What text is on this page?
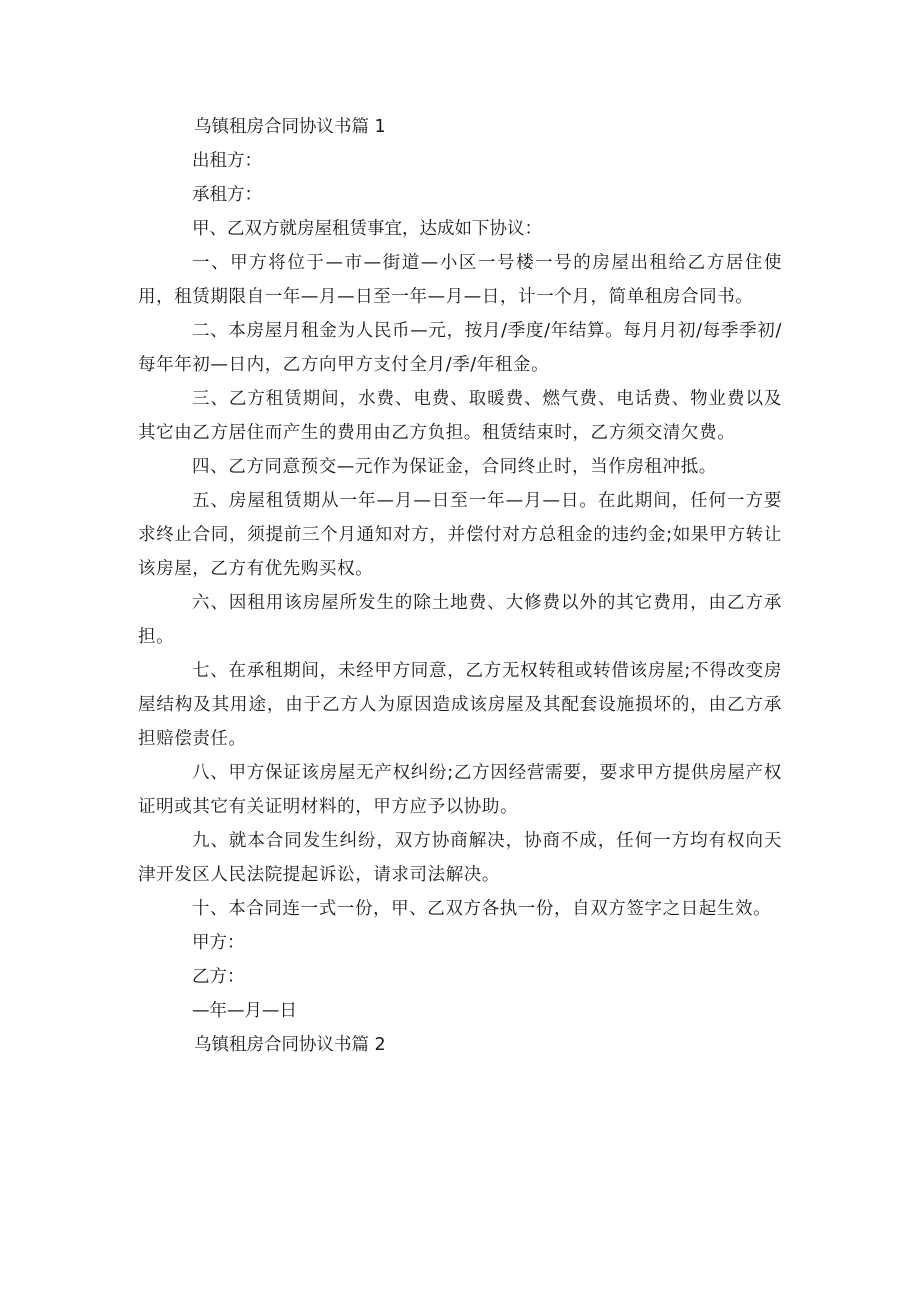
乌镇租房合同协议书篇 1

出租方：

承租方：

甲、乙双方就房屋租赁事宜，达成如下协议：

一、甲方将位于—市—街道—小区一号楼一号的房屋出租给乙方居住使用，租赁期限自一年—月—日至一年—月—日，计一个月，简单租房合同书。

二、本房屋月租金为人民币—元，按月/季度/年结算。每月月初/每季季初/每年年初—日内，乙方向甲方支付全月/季/年租金。

三、乙方租赁期间，水费、电费、取暖费、燃气费、电话费、物业费以及其它由乙方居住而产生的费用由乙方负担。租赁结束时，乙方须交清欠费。

四、乙方同意预交—元作为保证金，合同终止时，当作房租冲抵。

五、房屋租赁期从一年—月—日至一年—月—日。在此期间，任何一方要求终止合同，须提前三个月通知对方，并偿付对方总租金的违约金;如果甲方转让该房屋，乙方有优先购买权。

六、因租用该房屋所发生的除土地费、大修费以外的其它费用，由乙方承担。

七、在承租期间，未经甲方同意，乙方无权转租或转借该房屋;不得改变房屋结构及其用途，由于乙方人为原因造成该房屋及其配套设施损坏的，由乙方承担赔偿责任。

八、甲方保证该房屋无产权纠纷;乙方因经营需要，要求甲方提供房屋产权证明或其它有关证明材料的，甲方应予以协助。

九、就本合同发生纠纷，双方协商解决，协商不成，任何一方均有权向天津开发区人民法院提起诉讼，请求司法解决。

十、本合同连一式一份，甲、乙双方各执一份，自双方签字之日起生效。

甲方：

乙方：

—年—月—日

乌镇租房合同协议书篇 2
